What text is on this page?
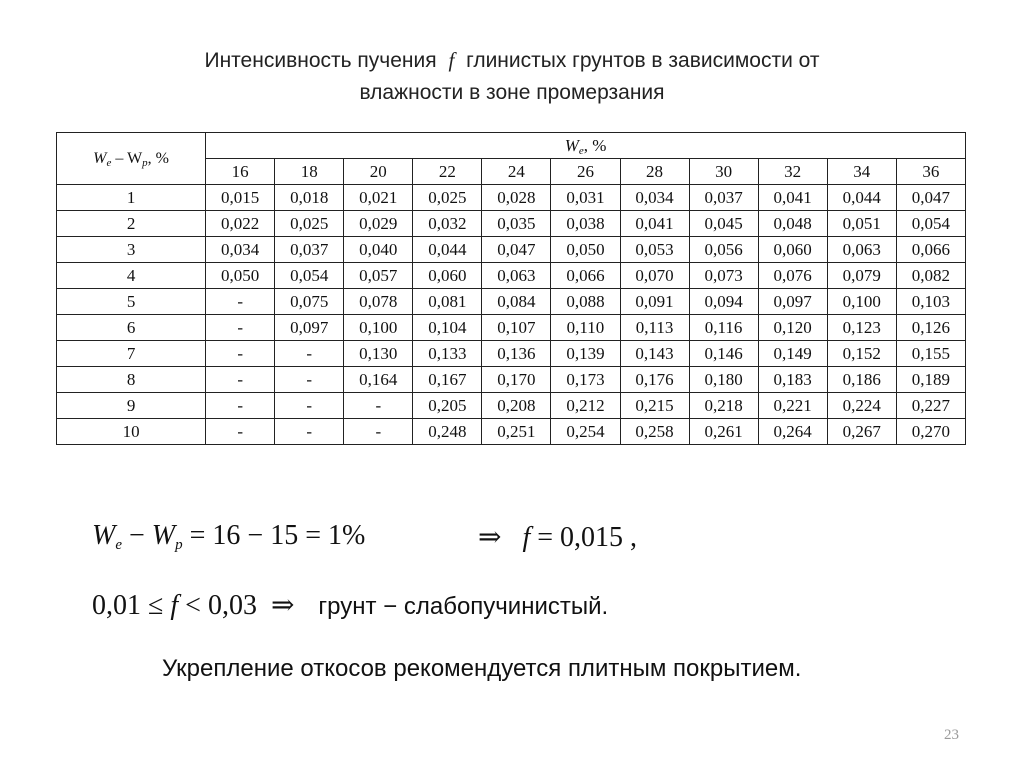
Интенсивность пучения f глинистых грунтов в зависимости от
влажности в зоне промерзания
$W_e - W_p$, %	$W_e$, %										
	16	18	20	22	24	26	28	30	32	34	36
1	0,015	0,018	0,021	0,025	0,028	0,031	0,034	0,037	0,041	0,044	0,047
2	0,022	0,025	0,029	0,032	0,035	0,038	0,041	0,045	0,048	0,051	0,054
3	0,034	0,037	0,040	0,044	0,047	0,050	0,053	0,056	0,060	0,063	0,066
4	0,050	0,054	0,057	0,060	0,063	0,066	0,070	0,073	0,076	0,079	0,082
5	-	0,075	0,078	0,081	0,084	0,088	0,091	0,094	0,097	0,100	0,103
6	-	0,097	0,100	0,104	0,107	0,110	0,113	0,116	0,120	0,123	0,126
7	-	-	0,130	0,133	0,136	0,139	0,143	0,146	0,149	0,152	0,155
8	-	-	0,164	0,167	0,170	0,173	0,176	0,180	0,183	0,186	0,189
9	-	-	-	0,205	0,208	0,212	0,215	0,218	0,221	0,224	0,227
10	-	-	-	0,248	0,251	0,254	0,258	0,261	0,264	0,267	0,270
$W_e - W_p = 16 - 15 = 1\%$	⇒ f = 0,015 ,
0,01 ≤ f < 0,03  ⇒  грунт − слабопучинистый.
Укрепление откосов рекомендуется плитным покрытием.
23
